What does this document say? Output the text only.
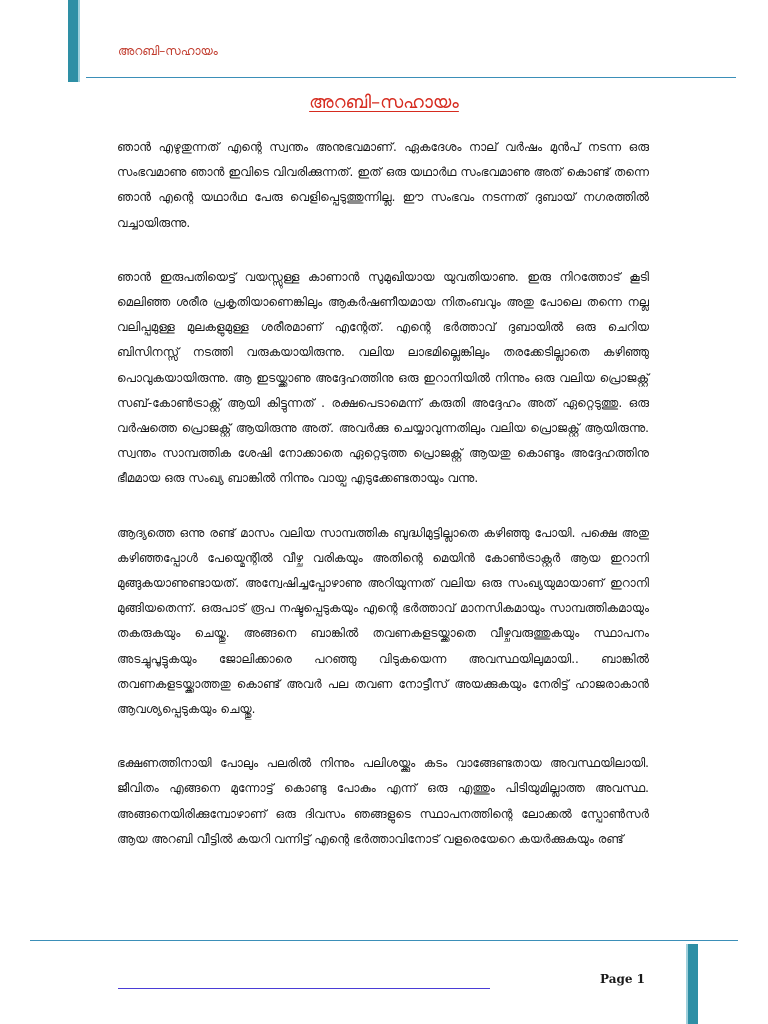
അറബി–സഹായം
അറബി–സഹായം

ഞാൻ എഴുതുന്നത് എന്റെ സ്വന്തം അനുഭവമാണ്. ഏകദേശം നാല് വർഷം മുൻപ് നടന്ന ഒരു സംഭവമാണു ഞാൻ ഇവിടെ വിവരിക്കുന്നത്. ഇത് ഒരു യഥാർഥ സംഭവമാണു അത് കൊണ്ട് തന്നെ ഞാൻ എന്റെ യഥാർഥ പേരു വെളിപ്പെടുത്തുന്നില്ല. ഈ സംഭവം നടന്നത് ദുബായ് നഗരത്തിൽ വച്ചായിരുന്നു.

ഞാൻ ഇരുപതിയെട്ട് വയസ്സുള്ള കാണാൻ സുമുഖിയായ യുവതിയാണു. ഇരു നിറത്തോട് കൂടി മെലിഞ്ഞ ശരീര പ്രകൃതിയാണെങ്കിലും ആകർഷണീയമായ നിതംബവും അതു പോലെ തന്നെ നല്ല വലിപ്പമുള്ള മുലകളുമുള്ള ശരീരമാണ് എന്റേത്. എന്റെ ഭർത്താവ് ദുബായിൽ ഒരു ചെറിയ ബിസിനസ്സ് നടത്തി വരുകയായിരുന്നു. വലിയ ലാഭമില്ലെങ്കിലും തരക്കേടില്ലാതെ കഴിഞ്ഞു പൊവുകയായിരുന്നു. ആ ഇടയ്ക്കാണു അദ്ദേഹത്തിനു ഒരു ഇറാനിയിൽ നിന്നും ഒരു വലിയ പ്രൊജക്റ്റ് സബ്-കോൺട്രാക്റ്റ് ആയി കിട്ടുന്നത് . രക്ഷപെടാമെന്ന് കരുതി അദ്ദേഹം അത് ഏറ്റെടുത്തു. ഒരു വർഷത്തെ പ്രൊജക്റ്റ് ആയിരുന്നു അത്. അവർക്കു ചെയ്യാവുന്നതിലും വലിയ പ്രൊജക്റ്റ് ആയിരുന്നു. സ്വന്തം സാമ്പത്തിക ശേഷി നോക്കാതെ ഏറ്റെടുത്ത പ്രൊജക്റ്റ് ആയതു കൊണ്ടും അദ്ദേഹത്തിനു ഭീമമായ ഒരു സംഖ്യ ബാങ്കിൽ നിന്നും വായ്പ എടുക്കേണ്ടതായും വന്നു.

ആദ്യത്തെ ഒന്നു രണ്ട് മാസം വലിയ സാമ്പത്തിക ബുദ്ധിമുട്ടില്ലാതെ കഴിഞ്ഞു പോയി. പക്ഷെ അതു കഴിഞ്ഞപ്പോൾ പേയ്മെന്റിൽ വീഴ്ച വരികയും അതിന്റെ മെയിൻ കോൺട്രാക്റ്റർ ആയ ഇറാനി മുങ്ങുകയാണുണ്ടായത്. അന്വേഷിച്ചപ്പോഴാണു അറിയുന്നത് വലിയ ഒരു സംഖ്യയുമായാണ് ഇറാനി മുങ്ങിയതെന്ന്. ഒരുപാട് രൂപ നഷ്ടപ്പെടുകയും എന്റെ ഭർത്താവ് മാനസികമായും സാമ്പത്തികമായും തകരുകയും ചെയ്തു. അങ്ങനെ ബാങ്കിൽ തവണകളടയ്ക്കാതെ വീഴ്ചവരുത്തുകയും സ്ഥാപനം അടച്ചുപൂട്ടുകയും ജോലിക്കാരെ പറഞ്ഞു വിടുകയെന്ന അവസ്ഥയിലുമായി.. ബാങ്കിൽ തവണകളടയ്ക്കാത്തതു കൊണ്ട് അവർ പല തവണ നോട്ടീസ് അയക്കുകയും നേരിട്ട് ഹാജരാകാൻ ആവശ്യപ്പെടുകയും ചെയ്തു.

ഭക്ഷണത്തിനായി പോലും പലരിൽ നിന്നും പലിശയ്ക്കും കടം വാങ്ങേണ്ടതായ അവസ്ഥയിലായി. ജീവിതം എങ്ങനെ മുന്നോട്ട് കൊണ്ടു പോകും എന്ന് ഒരു എത്തും പിടിയുമില്ലാത്ത അവസ്ഥ. അങ്ങനെയിരിക്കുമ്പോഴാണ് ഒരു ദിവസം ഞങ്ങളുടെ സ്ഥാപനത്തിന്റെ ലോക്കൽ സ്പോൺസർ ആയ അറബി വീട്ടിൽ കയറി വന്നിട്ട് എന്റെ ഭർത്താവിനോട് വളരെയേറെ കയർക്കുകയും രണ്ട്

Page 1
